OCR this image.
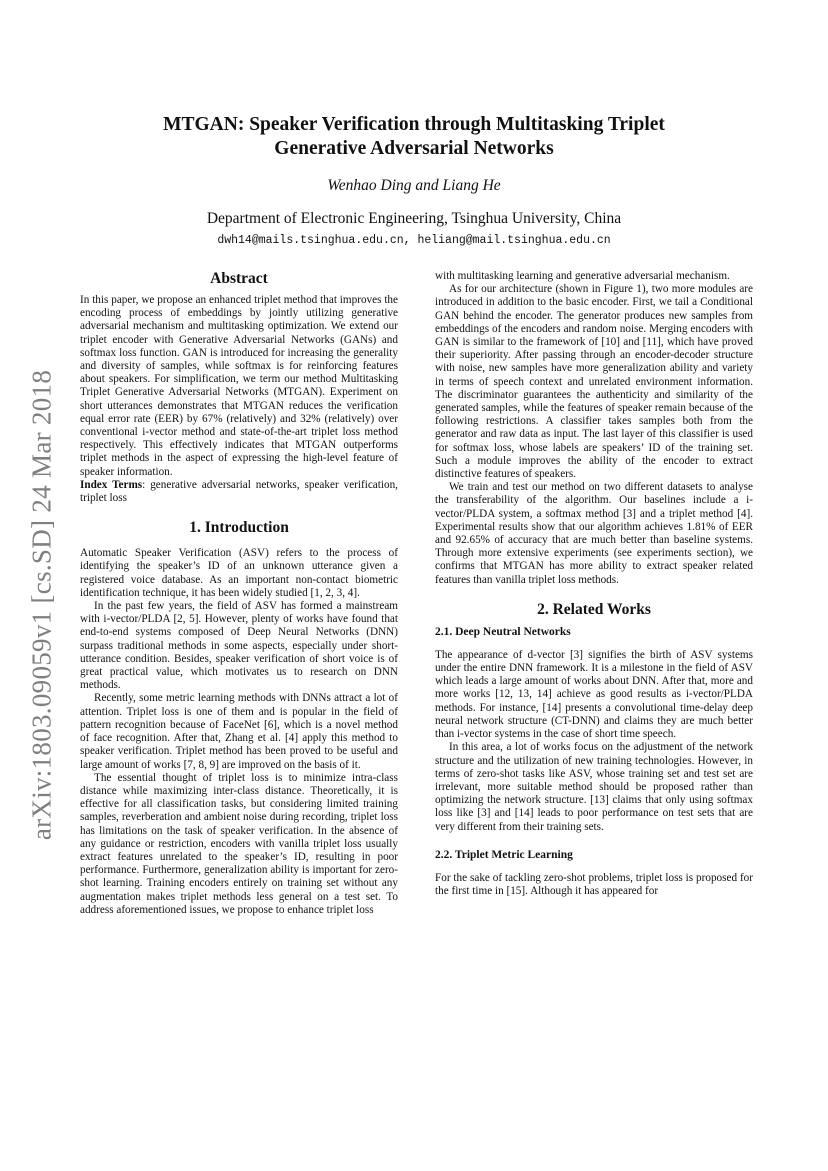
arXiv:1803.09059v1 [cs.SD] 24 Mar 2018
MTGAN: Speaker Verification through Multitasking Triplet
Generative Adversarial Networks
Wenhao Ding and Liang He
Department of Electronic Engineering, Tsinghua University, China
dwh14@mails.tsinghua.edu.cn, heliang@mail.tsinghua.edu.cn
Abstract

In this paper, we propose an enhanced triplet method that improves the encoding process of embeddings by jointly utilizing generative adversarial mechanism and multitasking optimization. We extend our triplet encoder with Generative Adversarial Networks (GANs) and softmax loss function. GAN is introduced for increasing the generality and diversity of samples, while softmax is for reinforcing features about speakers. For simplification, we term our method Multitasking Triplet Generative Adversarial Networks (MTGAN). Experiment on short utterances demonstrates that MTGAN reduces the verification equal error rate (EER) by 67% (relatively) and 32% (relatively) over conventional i-vector method and state-of-the-art triplet loss method respectively. This effectively indicates that MTGAN outperforms triplet methods in the aspect of expressing the high-level feature of speaker information.

Index Terms: generative adversarial networks, speaker verification, triplet loss

1. Introduction

Automatic Speaker Verification (ASV) refers to the process of identifying the speaker’s ID of an unknown utterance given a registered voice database. As an important non-contact biometric identification technique, it has been widely studied [1, 2, 3, 4].

In the past few years, the field of ASV has formed a mainstream with i-vector/PLDA [2, 5]. However, plenty of works have found that end-to-end systems composed of Deep Neural Networks (DNN) surpass traditional methods in some aspects, especially under short-utterance condition. Besides, speaker verification of short voice is of great practical value, which motivates us to research on DNN methods.

Recently, some metric learning methods with DNNs attract a lot of attention. Triplet loss is one of them and is popular in the field of pattern recognition because of FaceNet [6], which is a novel method of face recognition. After that, Zhang et al. [4] apply this method to speaker verification. Triplet method has been proved to be useful and large amount of works [7, 8, 9] are improved on the basis of it.

The essential thought of triplet loss is to minimize intra-class distance while maximizing inter-class distance. Theoretically, it is effective for all classification tasks, but considering limited training samples, reverberation and ambient noise during recording, triplet loss has limitations on the task of speaker verification. In the absence of any guidance or restriction, encoders with vanilla triplet loss usually extract features unrelated to the speaker’s ID, resulting in poor performance. Furthermore, generalization ability is important for zero-shot learning. Training encoders entirely on training set without any augmentation makes triplet methods less general on a test set. To address aforementioned issues, we propose to enhance triplet loss

with multitasking learning and generative adversarial mechanism.

As for our architecture (shown in Figure 1), two more modules are introduced in addition to the basic encoder. First, we tail a Conditional GAN behind the encoder. The generator produces new samples from embeddings of the encoders and random noise. Merging encoders with GAN is similar to the framework of [10] and [11], which have proved their superiority. After passing through an encoder-decoder structure with noise, new samples have more generalization ability and variety in terms of speech context and unrelated environment information. The discriminator guarantees the authenticity and similarity of the generated samples, while the features of speaker remain because of the following restrictions. A classifier takes samples both from the generator and raw data as input. The last layer of this classifier is used for softmax loss, whose labels are speakers’ ID of the training set. Such a module improves the ability of the encoder to extract distinctive features of speakers.

We train and test our method on two different datasets to analyse the transferability of the algorithm. Our baselines include a i-vector/PLDA system, a softmax method [3] and a triplet method [4]. Experimental results show that our algorithm achieves 1.81% of EER and 92.65% of accuracy that are much better than baseline systems. Through more extensive experiments (see experiments section), we confirms that MTGAN has more ability to extract speaker related features than vanilla triplet loss methods.

2. Related Works
2.1. Deep Neutral Networks

The appearance of d-vector [3] signifies the birth of ASV systems under the entire DNN framework. It is a milestone in the field of ASV which leads a large amount of works about DNN. After that, more and more works [12, 13, 14] achieve as good results as i-vector/PLDA methods. For instance, [14] presents a convolutional time-delay deep neural network structure (CT-DNN) and claims they are much better than i-vector systems in the case of short time speech.

In this area, a lot of works focus on the adjustment of the network structure and the utilization of new training technologies. However, in terms of zero-shot tasks like ASV, whose training set and test set are irrelevant, more suitable method should be proposed rather than optimizing the network structure. [13] claims that only using softmax loss like [3] and [14] leads to poor performance on test sets that are very different from their training sets.

2.2. Triplet Metric Learning

For the sake of tackling zero-shot problems, triplet loss is proposed for the first time in [15]. Although it has appeared for
